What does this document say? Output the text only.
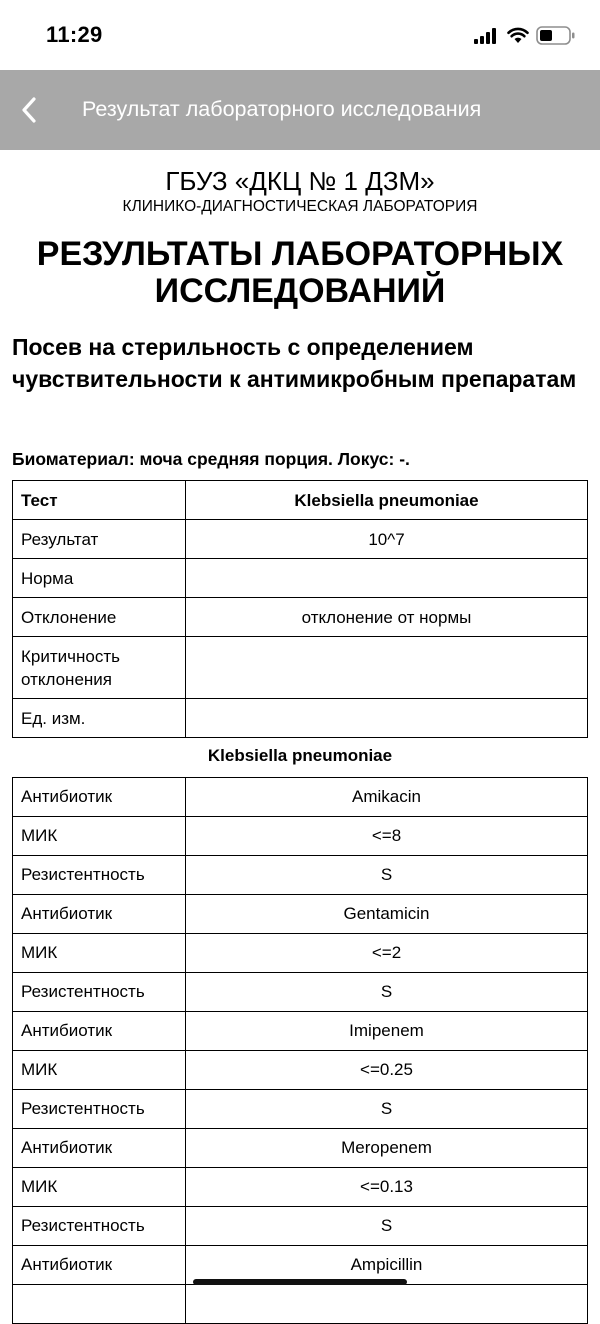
11:29
Результат лабораторного исследования
ГБУЗ «ДКЦ № 1 ДЗМ»
КЛИНИКО-ДИАГНОСТИЧЕСКАЯ ЛАБОРАТОРИЯ
РЕЗУЛЬТАТЫ ЛАБОРАТОРНЫХ
ИССЛЕДОВАНИЙ
Посев на стерильность с определением чувствительности к антимикробным препаратам
Биоматериал: моча средняя порция. Локус: -.
Тест	Klebsiella pneumoniae
Результат	10^7
Норма	
Отклонение	отклонение от нормы
Критичность отклонения	
Ед. изм.	
Klebsiella pneumoniae
Антибиотик	Amikacin
МИК	<=8
Резистентность	S
Антибиотик	Gentamicin
МИК	<=2
Резистентность	S
Антибиотик	Imipenem
МИК	<=0.25
Резистентность	S
Антибиотик	Meropenem
МИК	<=0.13
Резистентность	S
Антибиотик	Ampicillin
